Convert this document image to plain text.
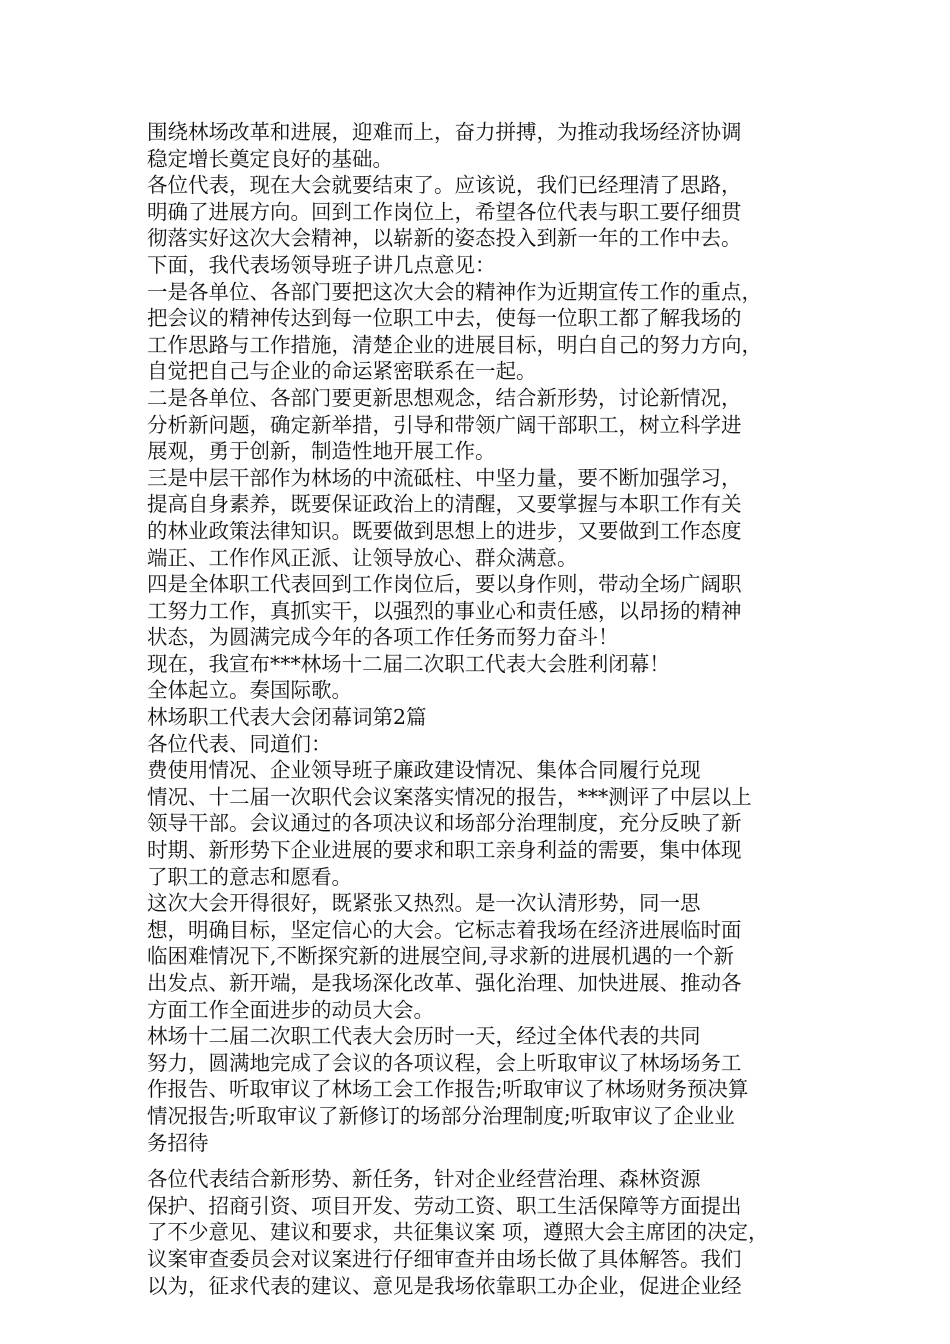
围绕林场改革和进展，迎难而上，奋力拼搏，为推动我场经济协调
稳定增长奠定良好的基础。
各位代表，现在大会就要结束了。应该说，我们已经理清了思路，
明确了进展方向。回到工作岗位上，希望各位代表与职工要仔细贯
彻落实好这次大会精神，以崭新的姿态投入到新一年的工作中去。
下面，我代表场领导班子讲几点意见：
一是各单位、各部门要把这次大会的精神作为近期宣传工作的重点，
把会议的精神传达到每一位职工中去，使每一位职工都了解我场的
工作思路与工作措施，清楚企业的进展目标，明白自己的努力方向，
自觉把自己与企业的命运紧密联系在一起。
二是各单位、各部门要更新思想观念，结合新形势，讨论新情况，
分析新问题，确定新举措，引导和带领广阔干部职工，树立科学进
展观，勇于创新，制造性地开展工作。
三是中层干部作为林场的中流砥柱、中坚力量，要不断加强学习，
提高自身素养，既要保证政治上的清醒，又要掌握与本职工作有关
的林业政策法律知识。既要做到思想上的进步，又要做到工作态度
端正、工作作风正派、让领导放心、群众满意。
四是全体职工代表回到工作岗位后，要以身作则，带动全场广阔职
工努力工作，真抓实干，以强烈的事业心和责任感，以昂扬的精神
状态，为圆满完成今年的各项工作任务而努力奋斗！
现在，我宣布***林场十二届二次职工代表大会胜利闭幕！
全体起立。奏国际歌。
林场职工代表大会闭幕词第2篇
各位代表、同道们：
费使用情况、企业领导班子廉政建设情况、集体合同履行兑现
情况、十二届一次职代会议案落实情况的报告，***测评了中层以上
领导干部。会议通过的各项决议和场部分治理制度，充分反映了新
时期、新形势下企业进展的要求和职工亲身利益的需要，集中体现
了职工的意志和愿看。
这次大会开得很好，既紧张又热烈。是一次认清形势，同一思
想，明确目标，坚定信心的大会。它标志着我场在经济进展临时面
临困难情况下,不断探究新的进展空间,寻求新的进展机遇的一个新
出发点、新开端，是我场深化改革、强化治理、加快进展、推动各
方面工作全面进步的动员大会。
林场十二届二次职工代表大会历时一天，经过全体代表的共同
努力，圆满地完成了会议的各项议程，会上听取审议了林场场务工
作报告、听取审议了林场工会工作报告;听取审议了林场财务预决算
情况报告;听取审议了新修订的场部分治理制度;听取审议了企业业
务招待
各位代表结合新形势、新任务，针对企业经营治理、森林资源
保护、招商引资、项目开发、劳动工资、职工生活保障等方面提出
了不少意见、建议和要求，共征集议案 项，遵照大会主席团的决定，
议案审查委员会对议案进行仔细审查并由场长做了具体解答。我们
以为，征求代表的建议、意见是我场依靠职工办企业，促进企业经
